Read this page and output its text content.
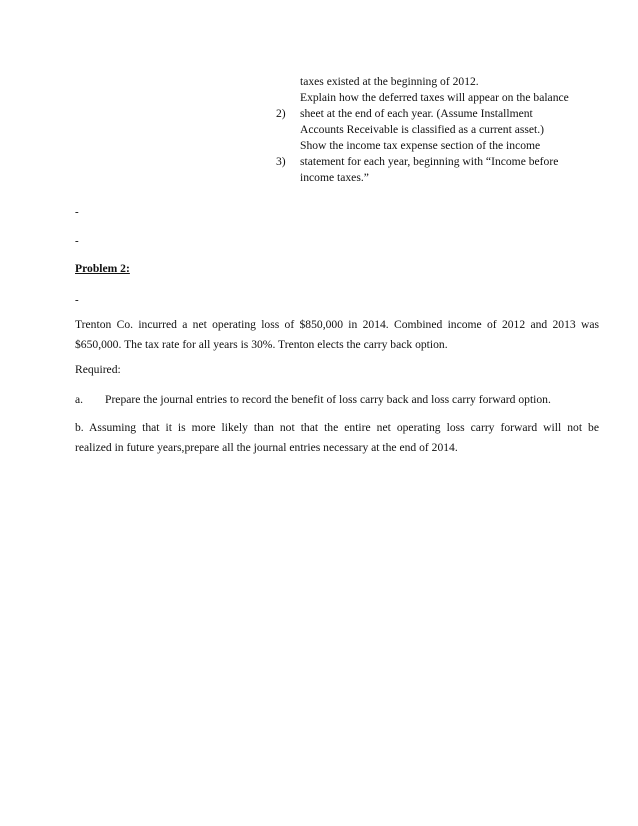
taxes existed at the beginning of 2012.
Explain how the deferred taxes will appear on the balance
2) sheet at the end of each year. (Assume Installment
Accounts Receivable is classified as a current asset.)
Show the income tax expense section of the income
3) statement for each year, beginning with “Income before
income taxes.”
-
-
Problem 2:
-
Trenton Co. incurred a net operating loss of $850,000 in 2014. Combined income of 2012 and 2013 was
$650,000. The tax rate for all years is 30%. Trenton elects the carry back option.
Required:
a. Prepare the journal entries to record the benefit of loss carry back and loss carry forward option.
b. Assuming that it is more likely than not that the entire net operating loss carry forward will not be
realized in future years,prepare all the journal entries necessary at the end of 2014.
